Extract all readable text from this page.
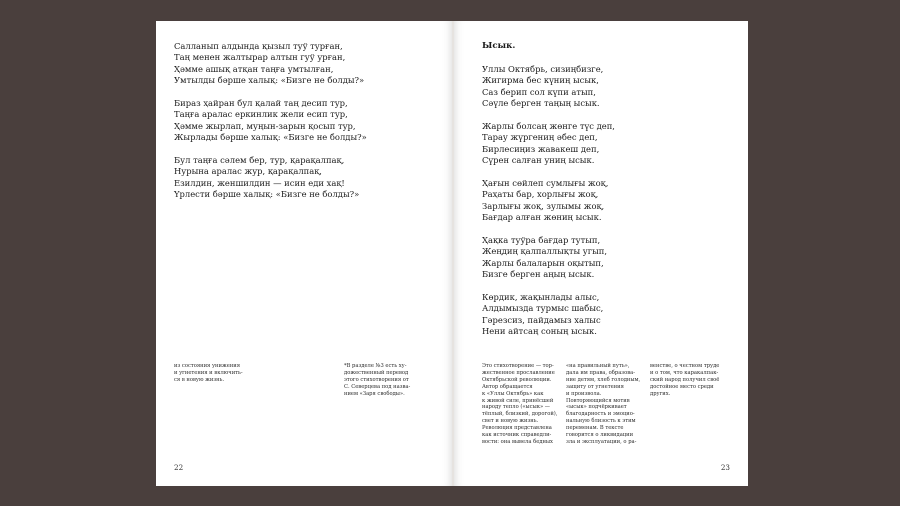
Салланып алдында қызыл туў турған,
Таң менен жалтырар алтын гуў урған,
Ҳәмме ашық атқан таңға умтылған,
Умтылды бәрше халық: «Бизге не болды?»
Бираз ҳайран бул қалай таң десип тур,
Таңға аралас еркинлик жели есип тур,
Ҳәмме жырлап, муңын-зарын қосып тур,
Жырлады бәрше халық: «Бизге не болды?»
Бул таңға сәлем бер, тур, қарақалпақ,
Нурына аралас жур, қарақалпақ,
Езилдин, женшилдин — исин еди хақ!
Үрлести бәрше халық: «Бизге не болды?»
из состояния унижения
и угнетения и включить-
ся в новую жизнь.
*В разделе №3 есть ху-
дожественный перевод
этого стихотворения от
С. Северцева под назва-
нием «Заря свободы».
22
Ысык.
Уллы Октябрь, сизиңбизге,
Жигирма бес күниң ысык,
Саз берип сол күпи атып,
Сәүле берген таңың ысык.
Жарлы болсаң жөнге түс деп,
Тарау жүргениң әбес деп,
Бирлесиңиз жавакеш деп,
Сүрен салған униң ысык.
Ҳағын сөйлеп сумлығы жоқ,
Раҳаты бар, хорлығы жоқ,
Зарлығы жоқ, зулымы жоқ,
Бағдар алған жөниң ысык.
Ҳақка туўра бағдар тутып,
Жеңдиң қалпаллықты угып,
Жарлы балаларын оқытып,
Бизге берген аңың ысык.
Көрдик, жақынлады алыс,
Алдымызда турмыс шабыс,
Гәрезсиз, пайдамыз халыс
Нени айтсаң соның ысык.
Это стихотворение — тор-
жественное прославление
Октябрьской революции.
Автор обращается
к «Уллы Октябрь» как
к живой силе, принёсшей
народу тепло («ысык» —
тёплый, близкий, дорогой),
свет и новую жизнь.
Революция представлена
как источник справедли-
вости: она вывела бедных
«на правильный путь»,
дала им права, образова-
ние детям, хлеб голодным,
защиту от угнетения
и произвола.
Повторяющийся мотив
«ысык» подчёркивает
благодарность и эмоцио-
нальную близость к этим
переменам. В тексте
говорится о ликвидации
зла и эксплуатации, о ра-
венстве, о честном труде
и о том, что каракалпак-
ский народ получил своё
достойное место среди
других.
23
